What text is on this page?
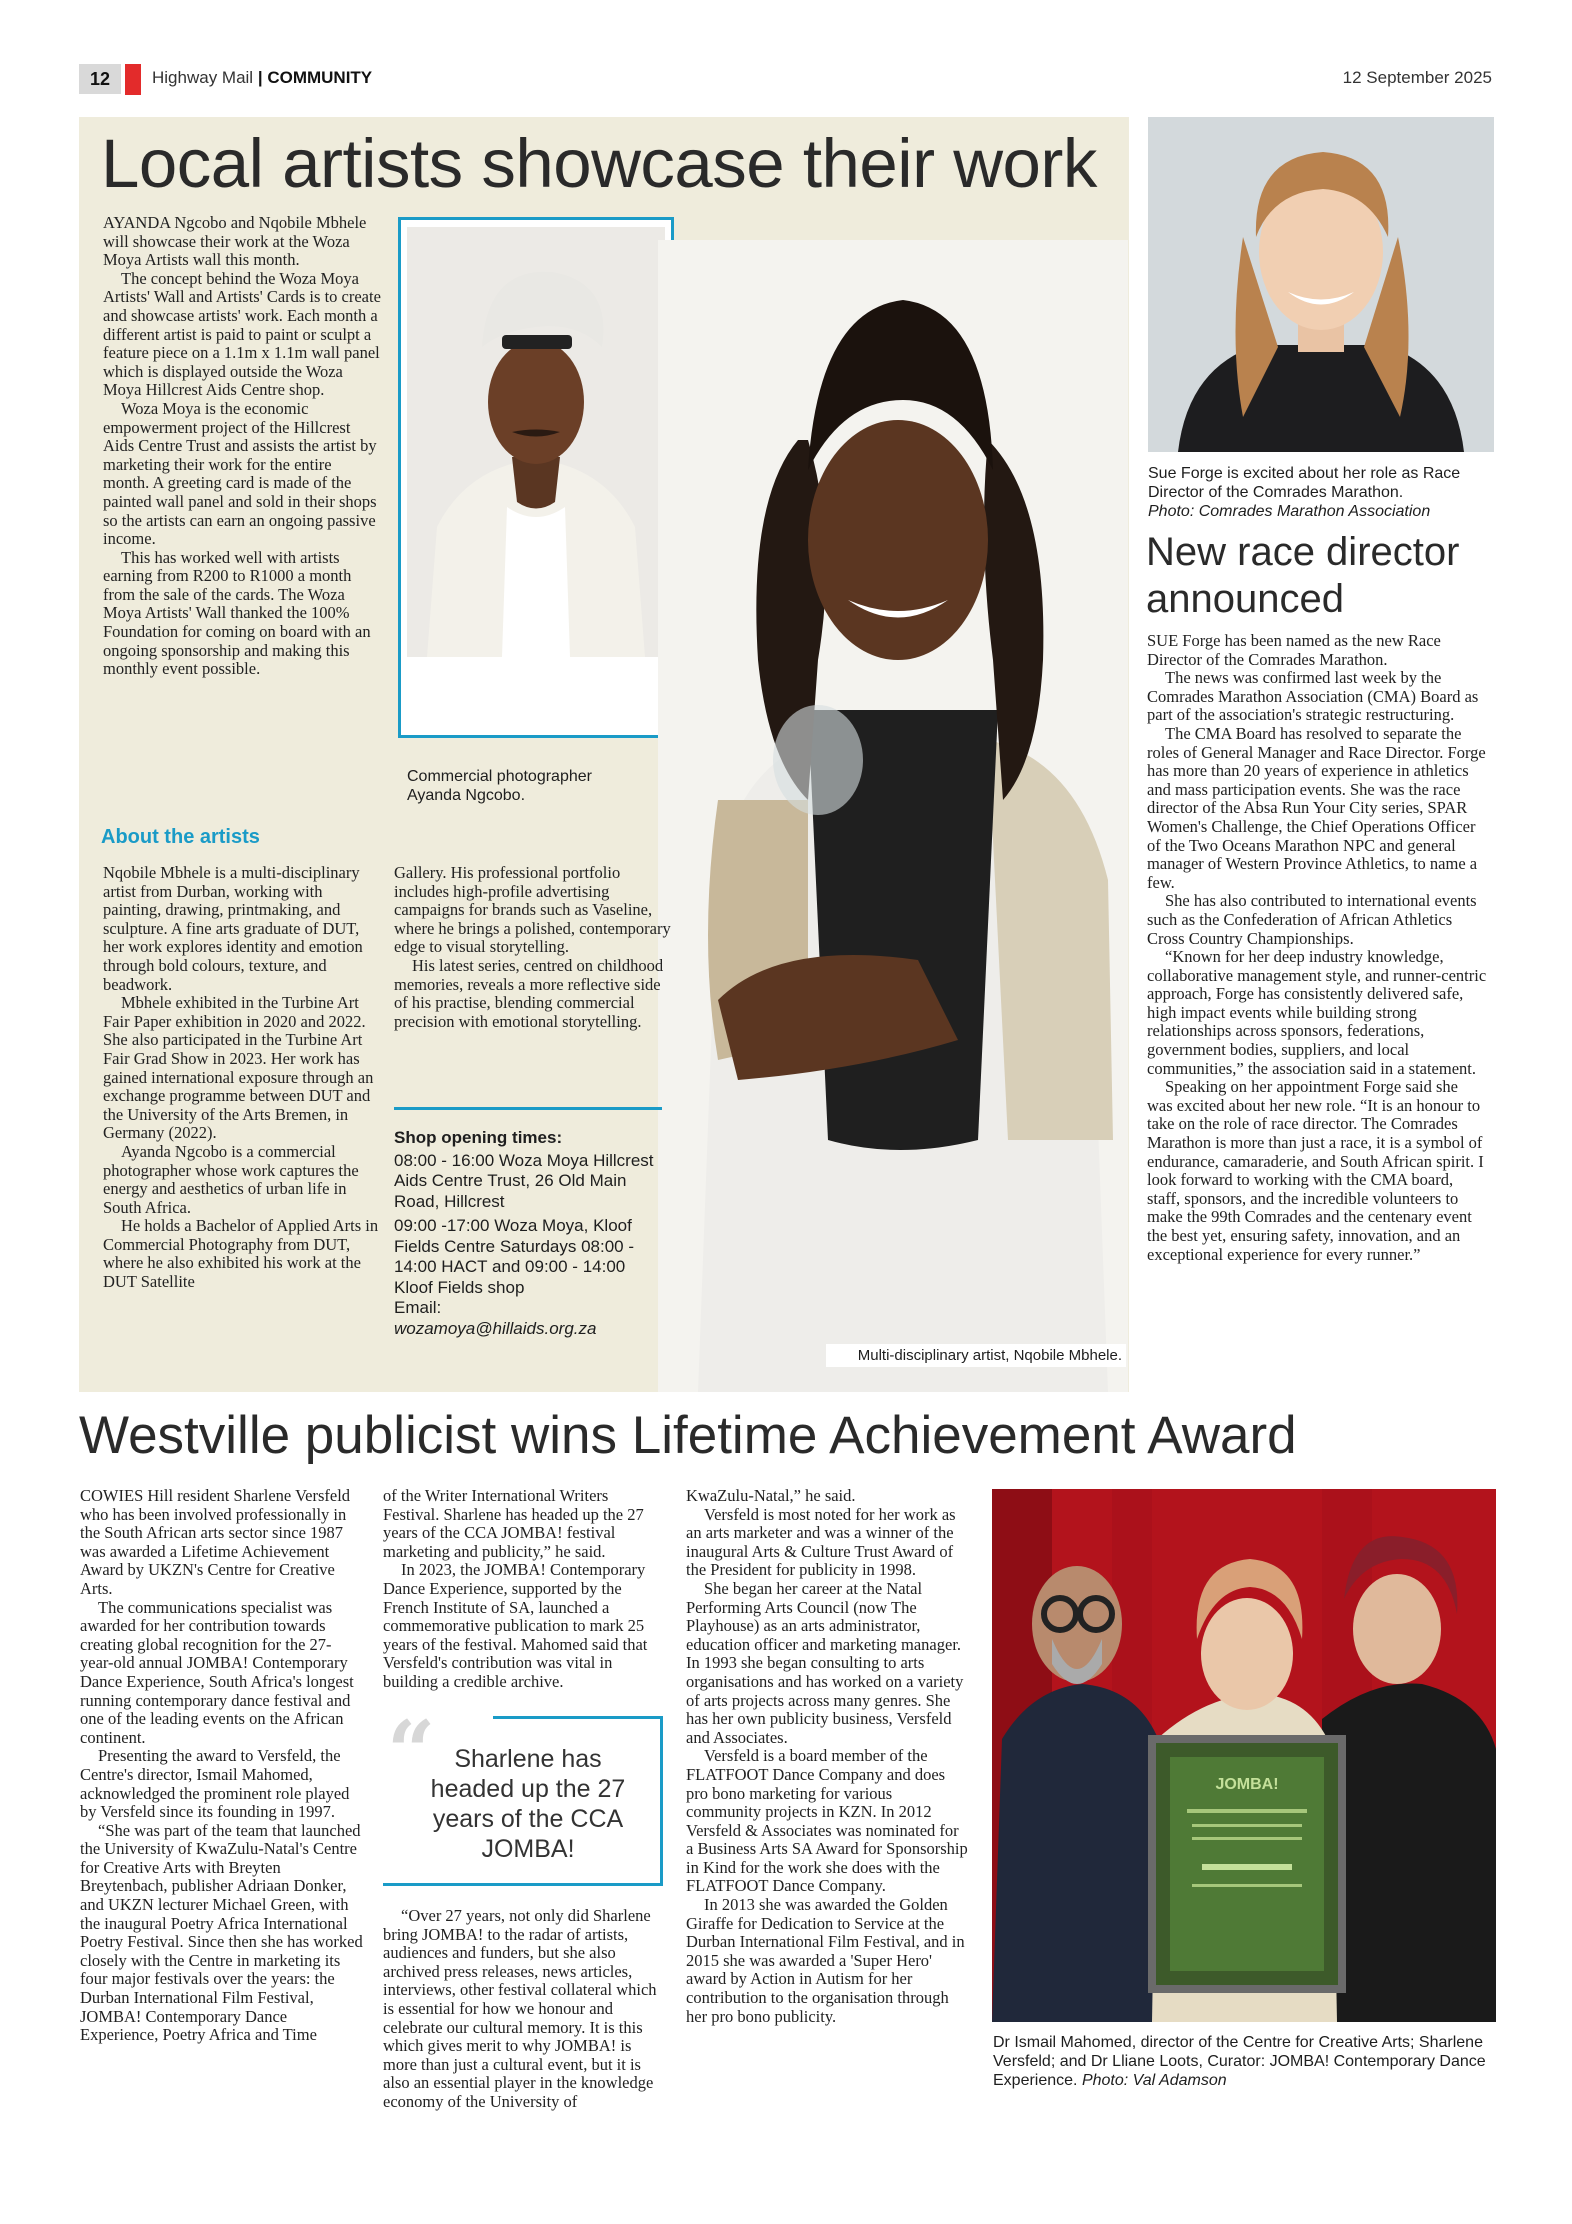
12	Highway Mail | COMMUNITY	12 September 2025
Local artists showcase their work

AYANDA Ngcobo and Nqobile Mbhele will showcase their work at the Woza Moya Artists wall this month.

The concept behind the Woza Moya Artists' Wall and Artists' Cards is to create and showcase artists' work. Each month a different artist is paid to paint or sculpt a feature piece on a 1.1m x 1.1m wall panel which is displayed outside the Woza Moya Hillcrest Aids Centre shop.

Woza Moya is the economic empowerment project of the Hillcrest Aids Centre Trust and assists the artist by marketing their work for the entire month. A greeting card is made of the painted wall panel and sold in their shops so the artists can earn an ongoing passive income.

This has worked well with artists earning from R200 to R1000 a month from the sale of the cards. The Woza Moya Artists' Wall thanked the 100% Foundation for coming on board with an ongoing sponsorship and making this monthly event possible.

Commercial photographer Ayanda Ngcobo.
Multi-disciplinary artist, Nqobile Mbhele.
About the artists

Nqobile Mbhele is a multi-disciplinary artist from Durban, working with painting, drawing, printmaking, and sculpture. A fine arts graduate of DUT, her work explores identity and emotion through bold colours, texture, and beadwork.

Mbhele exhibited in the Turbine Art Fair Paper exhibition in 2020 and 2022. She also participated in the Turbine Art Fair Grad Show in 2023. Her work has gained international exposure through an exchange programme between DUT and the University of the Arts Bremen, in Germany (2022).

Ayanda Ngcobo is a commercial photographer whose work captures the energy and aesthetics of urban life in South Africa.

He holds a Bachelor of Applied Arts in Commercial Photography from DUT, where he also exhibited his work at the DUT Satellite

Gallery. His professional portfolio includes high-profile advertising campaigns for brands such as Vaseline, where he brings a polished, contemporary edge to visual storytelling.

His latest series, centred on childhood memories, reveals a more reflective side of his practise, blending commercial precision with emotional storytelling.

Shop opening times:
08:00 - 16:00 Woza Moya Hillcrest Aids Centre Trust, 26 Old Main Road, Hillcrest
09:00 -17:00 Woza Moya, Kloof Fields Centre Saturdays 08:00 - 14:00 HACT and 09:00 - 14:00 Kloof Fields shop
Email:
wozamoya@hillaids.org.za
Sue Forge is excited about her role as Race Director of the Comrades Marathon.
Photo: Comrades Marathon Association
New race director announced

SUE Forge has been named as the new Race Director of the Comrades Marathon.

The news was confirmed last week by the Comrades Marathon Association (CMA) Board as part of the association's strategic restructuring.

The CMA Board has resolved to separate the roles of General Manager and Race Director. Forge has more than 20 years of experience in athletics and mass participation events. She was the race director of the Absa Run Your City series, SPAR Women's Challenge, the Chief Operations Officer of the Two Oceans Marathon NPC and general manager of Western Province Athletics, to name a few.

She has also contributed to international events such as the Confederation of African Athletics Cross Country Championships.

“Known for her deep industry knowledge, collaborative management style, and runner-centric approach, Forge has consistently delivered safe, high impact events while building strong relationships across sponsors, federations, government bodies, suppliers, and local communities,” the association said in a statement.

Speaking on her appointment Forge said she was excited about her new role. “It is an honour to take on the role of race director. The Comrades Marathon is more than just a race, it is a symbol of endurance, camaraderie, and South African spirit. I look forward to working with the CMA board, staff, sponsors, and the incredible volunteers to make the 99th Comrades and the centenary event the best yet, ensuring safety, innovation, and an exceptional experience for every runner.”

Westville publicist wins Lifetime Achievement Award

COWIES Hill resident Sharlene Versfeld who has been involved professionally in the South African arts sector since 1987 was awarded a Lifetime Achievement Award by UKZN's Centre for Creative Arts.

The communications specialist was awarded for her contribution towards creating global recognition for the 27-year-old annual JOMBA! Contemporary Dance Experience, South Africa's longest running contemporary dance festival and one of the leading events on the African continent.

Presenting the award to Versfeld, the Centre's director, Ismail Mahomed, acknowledged the prominent role played by Versfeld since its founding in 1997.

“She was part of the team that launched the University of KwaZulu-Natal's Centre for Creative Arts with Breyten Breytenbach, publisher Adriaan Donker, and UKZN lecturer Michael Green, with the inaugural Poetry Africa International Poetry Festival. Since then she has worked closely with the Centre in marketing its four major festivals over the years: the Durban International Film Festival, JOMBA! Contemporary Dance Experience, Poetry Africa and Time

of the Writer International Writers Festival. Sharlene has headed up the 27 years of the CCA JOMBA! festival marketing and publicity,” he said.

In 2023, the JOMBA! Contemporary Dance Experience, supported by the French Institute of SA, launched a commemorative publication to mark 25 years of the festival. Mahomed said that Versfeld's contribution was vital in building a credible archive.

“ Sharlene has headed up the 27 years of the CCA JOMBA!

“Over 27 years, not only did Sharlene bring JOMBA! to the radar of artists, audiences and funders, but she also archived press releases, news articles, interviews, other festival collateral which is essential for how we honour and celebrate our cultural memory. It is this which gives merit to why JOMBA! is more than just a cultural event, but it is also an essential player in the knowledge economy of the University of

KwaZulu-Natal,” he said.

Versfeld is most noted for her work as an arts marketer and was a winner of the inaugural Arts & Culture Trust Award of the President for publicity in 1998.

She began her career at the Natal Performing Arts Council (now The Playhouse) as an arts administrator, education officer and marketing manager. In 1993 she began consulting to arts organisations and has worked on a variety of arts projects across many genres. She has her own publicity business, Versfeld and Associates.

Versfeld is a board member of the FLATFOOT Dance Company and does pro bono marketing for various community projects in KZN. In 2012 Versfeld & Associates was nominated for a Business Arts SA Award for Sponsorship in Kind for the work she does with the FLATFOOT Dance Company.

In 2013 she was awarded the Golden Giraffe for Dedication to Service at the Durban International Film Festival, and in 2015 she was awarded a 'Super Hero' award by Action in Autism for her contribution to the organisation through her pro bono publicity.

JOMBA!
Dr Ismail Mahomed, director of the Centre for Creative Arts; Sharlene Versfeld; and Dr Lliane Loots, Curator: JOMBA! Contemporary Dance Experience. Photo: Val Adamson
